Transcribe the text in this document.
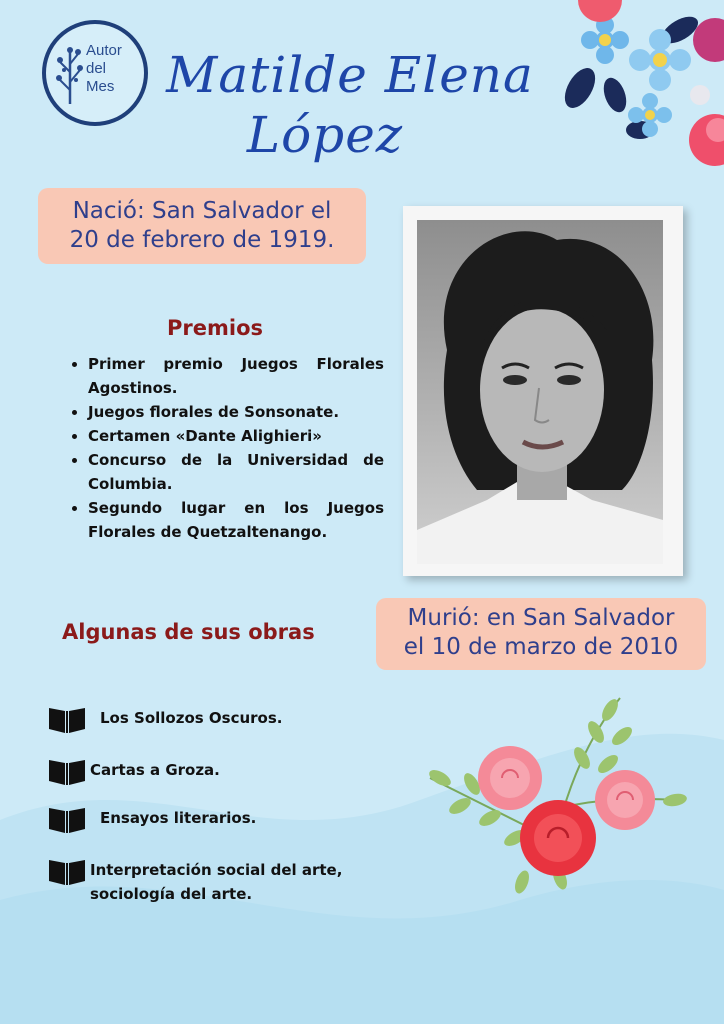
Autor
del
Mes	Matilde Elena
López
Nació: San Salvador el
20 de febrero de 1919.
Premios
• Primer premio Juegos Florales Agostinos.
• Juegos florales de Sonsonate.
• Certamen «Dante Alighieri»
• Concurso de la Universidad de Columbia.
• Segundo lugar en los Juegos Florales de Quetzaltenango.
Murió: en San Salvador
el 10 de marzo de 2010
Algunas de sus obras
Los Sollozos Oscuros.
Cartas a Groza.
Ensayos literarios.
Interpretación social del arte, sociología del arte.
